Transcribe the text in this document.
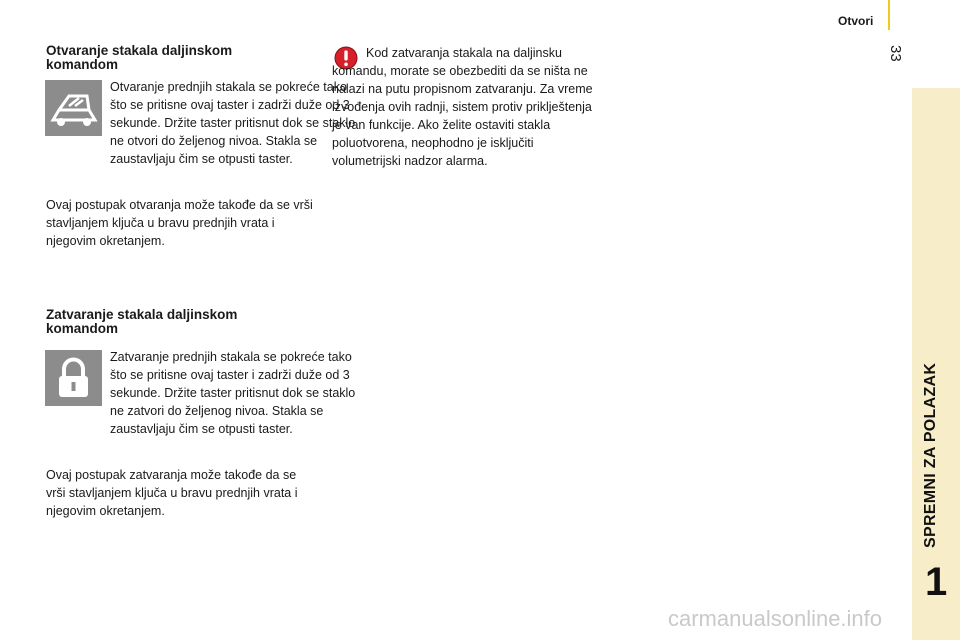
Otvori
33
SPREMNI ZA POLAZAK
1
Otvaranje stakala daljinskom komandom

Otvaranje prednjih stakala se pokreće tako što se pritisne ovaj taster i zadrži duže od 3 sekunde. Držite taster pritisnut dok se staklo ne otvori do željenog nivoa. Stakla se zaustavljaju čim se otpusti taster.

Ovaj postupak otvaranja može takođe da se vrši stavljanjem ključa u bravu prednjih vrata i njegovim okretanjem.

Zatvaranje stakala daljinskom komandom

Zatvaranje prednjih stakala se pokreće tako što se pritisne ovaj taster i zadrži duže od 3 sekunde. Držite taster pritisnut dok se staklo ne zatvori do željenog nivoa. Stakla se zaustavljaju čim se otpusti taster.

Ovaj postupak zatvaranja može takođe da se vrši stavljanjem ključa u bravu prednjih vrata i njegovim okretanjem.

Kod zatvaranja stakala na daljinsku komandu, morate se obezbediti da se ništa ne nalazi na putu propisnom zatvaranju. Za vreme izvođenja ovih radnji, sistem protiv priklještenja je van funkcije. Ako želite ostaviti stakla poluotvorena, neophodno je isključiti volumetrijski nadzor alarma.

carmanualsonline.info
